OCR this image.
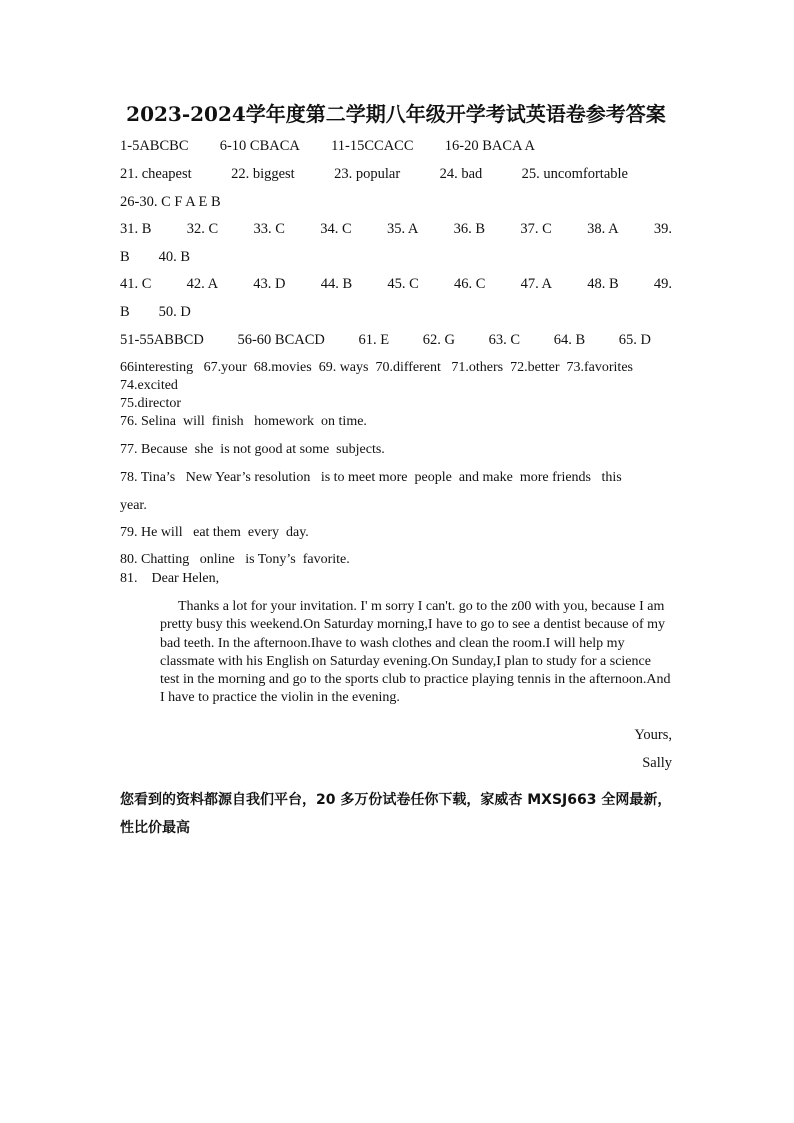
2023-2024学年度第二学期八年级开学考试英语卷参考答案
1-5ABCBC 6-10 CBACA 11-15CCACC 16-20 BACA A
21. cheapest	22. biggest	23. popular	24. bad	25. uncomfortable
26-30. C F A E B
31. B 32. C 33. C 34. C 35. A 36. B 37. C 38. A 39.
B 40. B
41. C 42. A 43. D 44. B 45. C 46. C 47. A 48. B 49.
B 50. D
51-55ABBCD 56-60 BCACD 61. E 62. G 63. C 64. B 65. D
66interesting   67.your  68.movies  69. ways  70.different   71.others  72.better  73.favorites
74.excited
75.director
76. Selina  will  finish   homework  on time.
77. Because  she  is not good at some  subjects.
78. Tina’s   New Year’s resolution   is to meet more  people  and make  more friends   this
year.
79. He will   eat them  every  day.
80. Chatting   online   is Tony’s  favorite.
81.    Dear Helen,

Thanks a lot for your invitation. I' m sorry I can't. go to the z00 with you, because I am pretty busy this weekend.On Saturday morning,I have to go to see a dentist because of my bad teeth. In the afternoon.Ihave to wash clothes and clean the room.I will help my classmate with his English on Saturday evening.On Sunday,I plan to study for a science test in the morning and go to the sports club to practice playing tennis in the afternoon.And I have to practice the violin in the evening.

Yours,
Sally
您看到的资料都源自我们平台，20 多万份试卷任你下载，家威杏 MXSJ663 全网最新，性比价最高
